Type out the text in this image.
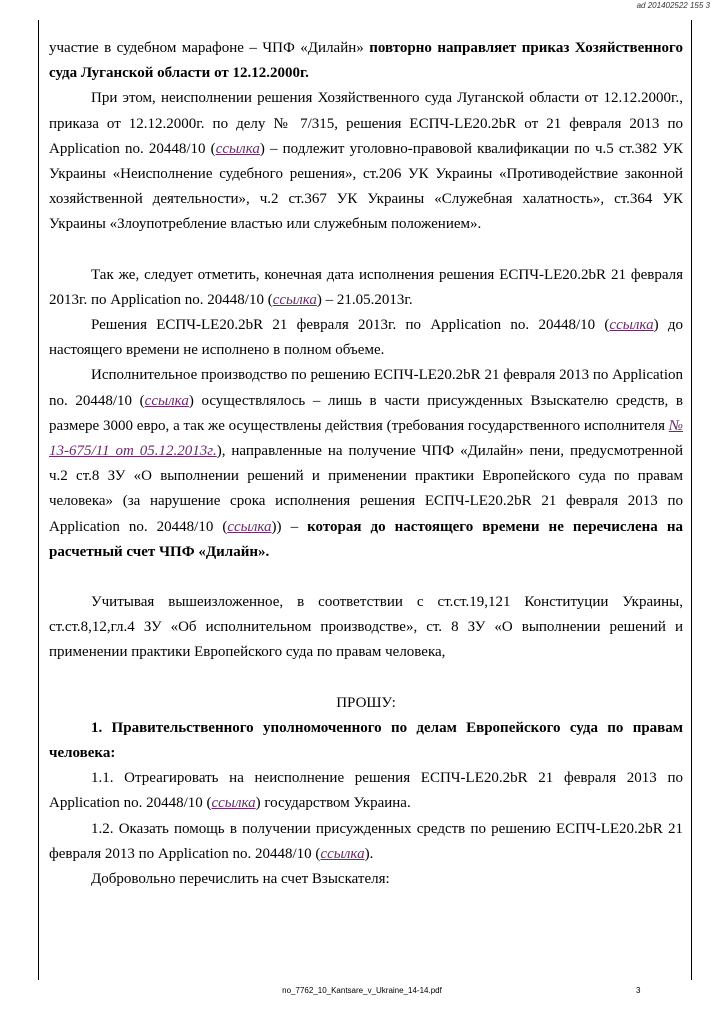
ad 201402522 155 3

участие в судебном марафоне – ЧПФ «Дилайн» повторно направляет приказ Хозяйственного суда Луганской области от 12.12.2000г.

При этом, неисполнении решения Хозяйственного суда Луганской области от 12.12.2000г., приказа от 12.12.2000г. по делу № 7/315, решения ЕСПЧ-LE20.2bR от 21 февраля 2013 по Application no. 20448/10 (ссылка) – подлежит уголовно-правовой квалификации по ч.5 ст.382 УК Украины «Неисполнение судебного решения», ст.206 УК Украины «Противодействие законной хозяйственной деятельности», ч.2 ст.367 УК Украины «Служебная халатность», ст.364 УК Украины «Злоупотребление властью или служебным положением».

Так же, следует отметить, конечная дата исполнения решения ЕСПЧ-LE20.2bR 21 февраля 2013г. по Application no. 20448/10 (ссылка) – 21.05.2013г.

Решения ЕСПЧ-LE20.2bR 21 февраля 2013г. по Application no. 20448/10 (ссылка) до настоящего времени не исполнено в полном объеме.

Исполнительное производство по решению ЕСПЧ-LE20.2bR 21 февраля 2013 по Application no. 20448/10 (ссылка) осуществлялось – лишь в части присужденных Взыскателю средств, в размере 3000 евро, а так же осуществлены действия (требования государственного исполнителя № 13-675/11 от 05.12.2013г.), направленные на получение ЧПФ «Дилайн» пени, предусмотренной ч.2 ст.8 ЗУ «О выполнении решений и применении практики Европейского суда по правам человека» (за нарушение срока исполнения решения ЕСПЧ-LE20.2bR 21 февраля 2013 по Application no. 20448/10 (ссылка)) – которая до настоящего времени не перечислена на расчетный счет ЧПФ «Дилайн».

Учитывая вышеизложенное, в соответствии с ст.ст.19,121 Конституции Украины, ст.ст.8,12,гл.4 ЗУ «Об исполнительном производстве», ст. 8 ЗУ «О выполнении решений и применении практики Европейского суда по правам человека,

ПРОШУ:

1. Правительственного уполномоченного по делам Европейского суда по правам человека:

1.1. Отреагировать на неисполнение решения ЕСПЧ-LE20.2bR 21 февраля 2013 по Application no. 20448/10 (ссылка) государством Украина.

1.2. Оказать помощь в получении присужденных средств по решению ЕСПЧ-LE20.2bR 21 февраля 2013 по Application no. 20448/10 (ссылка).

Добровольно перечислить на счет Взыскателя:

no_7762_10_Kantsare_v_Ukraine_14-14.pdf	3
